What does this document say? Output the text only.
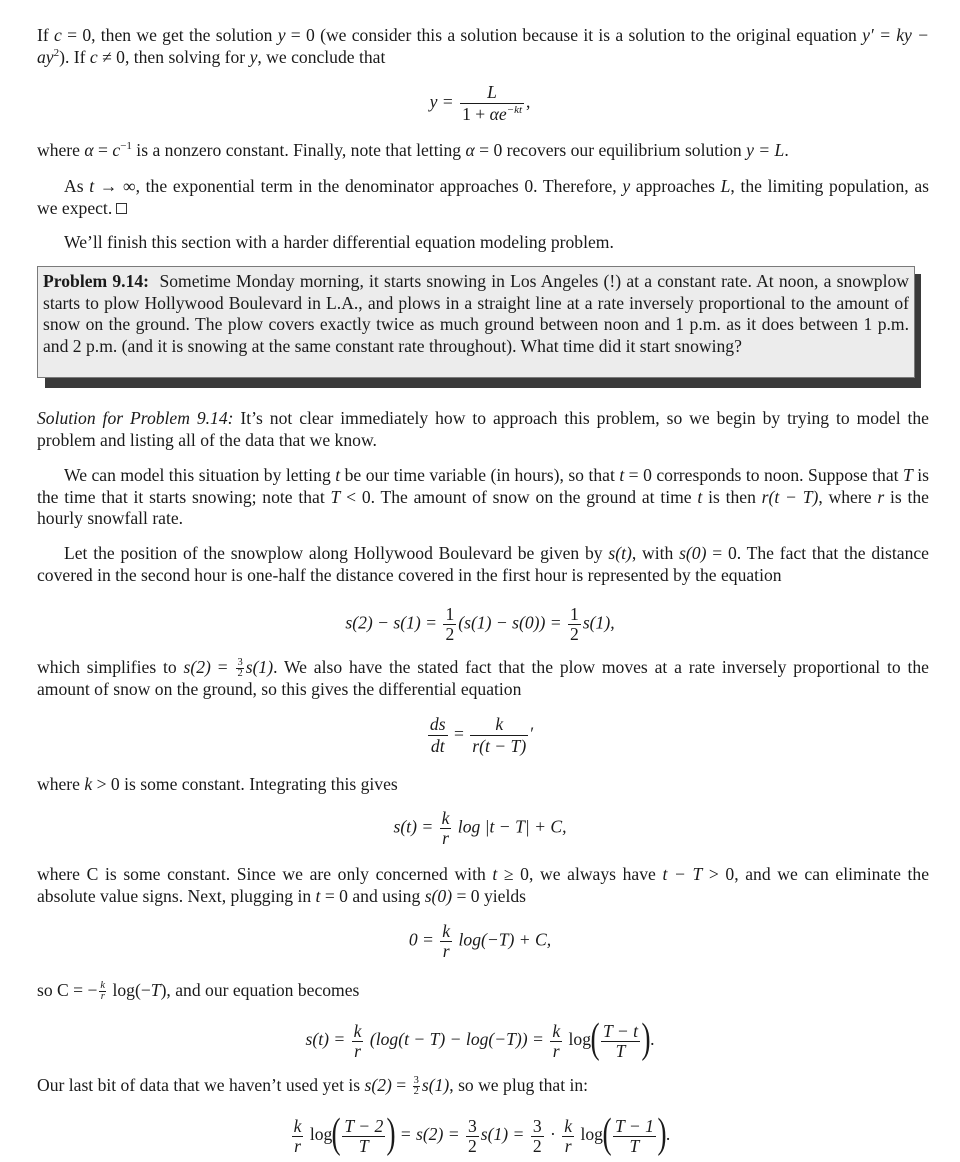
If c = 0, then we get the solution y = 0 (we consider this a solution because it is a solution to the original equation y′ = ky − $ay^2$). If c ≠ 0, then solving for y, we conclude that
$y = \frac{L}{1 + \alpha e^{-kt}}$ ,
where $\alpha = c^{-1}$ is a nonzero constant. Finally, note that letting α = 0 recovers our equilibrium solution y = L.
As t → ∞, the exponential term in the denominator approaches 0. Therefore, y approaches L, the limiting population, as we expect.
We’ll finish this section with a harder differential equation modeling problem.
Problem 9.14: Sometime Monday morning, it starts snowing in Los Angeles (!) at a constant rate. At noon, a snowplow starts to plow Hollywood Boulevard in L.A., and plows in a straight line at a rate inversely proportional to the amount of snow on the ground. The plow covers exactly twice as much ground between noon and 1 p.m. as it does between 1 p.m. and 2 p.m. (and it is snowing at the same constant rate throughout). What time did it start snowing?
Solution for Problem 9.14: It’s not clear immediately how to approach this problem, so we begin by trying to model the problem and listing all of the data that we know.
We can model this situation by letting t be our time variable (in hours), so that t = 0 corresponds to noon. Suppose that T is the time that it starts snowing; note that T < 0. The amount of snow on the ground at time t is then r(t − T), where r is the hourly snowfall rate.
Let the position of the snowplow along Hollywood Boulevard be given by s(t), with s(0) = 0. The fact that the distance covered in the second hour is one-half the distance covered in the first hour is represented by the equation
$s(2) - s(1) = \frac{1}{2} (s(1) - s(0)) = \frac{1}{2} s(1)$,
which simplifies to $s(2) = \frac{3}{2} s(1)$. We also have the stated fact that the plow moves at a rate inversely proportional to the amount of snow on the ground, so this gives the differential equation
$\frac{ds}{dt} = \frac{k}{r(t - T)}$ ′
where k > 0 is some constant. Integrating this gives
$s(t) = \frac{k}{r}$ log |t − T| + C,
where C is some constant. Since we are only concerned with t ≥ 0, we always have t − T > 0, and we can eliminate the absolute value signs. Next, plugging in t = 0 and using s(0) = 0 yields
$0 = \frac{k}{r} \log(-T) + C$,
so C = − $\frac{k}{r} \log(-T)$, and our equation becomes
$s(t) = \frac{k}{r} (\log(t - T) - \log(-T)) = \frac{k}{r} \log( \frac{T - t}{T}$ ).
Our last bit of data that we haven’t used yet is $s(2) = \frac{3}{2} s(1)$, so we plug that in:
$\frac{k}{r} \log( \frac{T - 2}{T}$ ) = $s(2) = \frac{3}{2} s(1) = \frac{3}{2} \cdot \frac{k}{r} \log( \frac{T - 1}{T}$ ).
